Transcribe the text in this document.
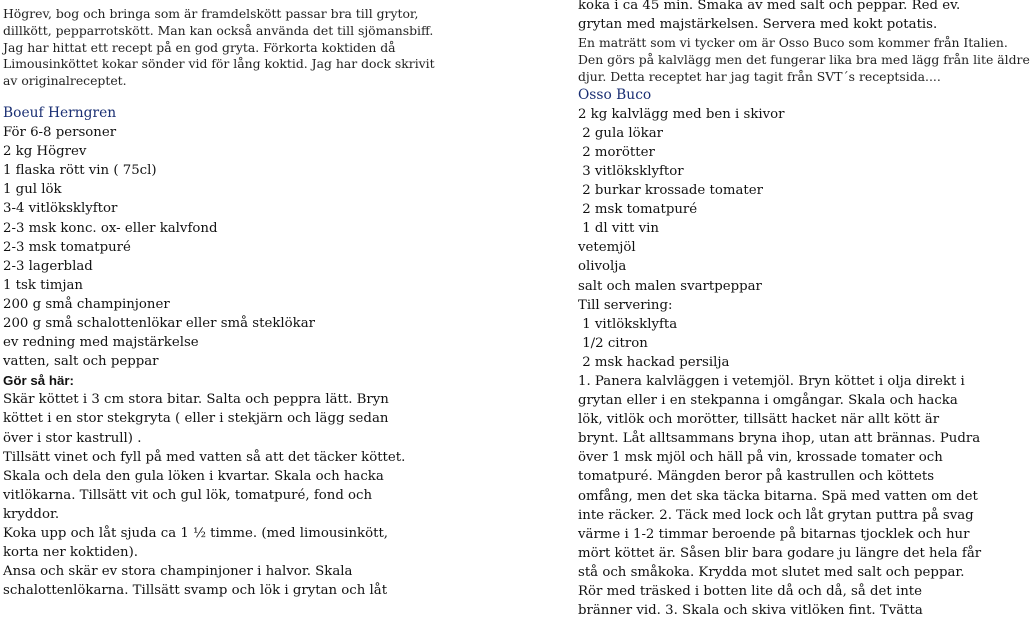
Högrev, bog och bringa som är framdelskött passar bra till grytor,
dillkött, pepparrotskött. Man kan också använda det till sjömansbiff.
Jag har hittat ett recept på en god gryta. Förkorta koktiden då
Limousinköttet kokar sönder vid för lång koktid. Jag har dock skrivit
av originalreceptet.
Boeuf Herngren
För 6-8 personer
2 kg Högrev
1 flaska rött vin ( 75cl)
1 gul lök
3-4 vitlöksklyftor
2-3 msk konc. ox- eller kalvfond
2-3 msk tomatpuré
2-3 lagerblad
1 tsk timjan
200 g små champinjoner
200 g små schalottenlökar eller små steklökar
ev redning med majstärkelse
vatten, salt och peppar
Gör så här:
Skär köttet i 3 cm stora bitar. Salta och peppra lätt. Bryn
köttet i en stor stekgryta ( eller i stekjärn och lägg sedan
över i stor kastrull) .
Tillsätt vinet och fyll på med vatten så att det täcker köttet.
Skala och dela den gula löken i kvartar. Skala och hacka
vitlökarna. Tillsätt vit och gul lök, tomatpuré, fond och
kryddor.
Koka upp och låt sjuda ca 1 ½ timme. (med limousinkött,
korta ner koktiden).
Ansa och skär ev stora champinjoner i halvor. Skala
schalottenlökarna. Tillsätt svamp och lök i grytan och låt
koka i ca 45 min. Smaka av med salt och peppar. Red ev.
grytan med majstärkelsen. Servera med kokt potatis.
En maträtt som vi tycker om är Osso Buco som kommer från Italien.
Den görs på kalvlägg men det fungerar lika bra med lägg från lite äldre
djur. Detta receptet har jag tagit från SVT´s receptsida....
Osso Buco
2 kg kalvlägg med ben i skivor
2 gula lökar
2 morötter
3 vitlöksklyftor
2 burkar krossade tomater
2 msk tomatpuré
1 dl vitt vin
vetemjöl
olivolja
salt och malen svartpeppar
Till servering:
1 vitlöksklyfta
1/2 citron
2 msk hackad persilja
1. Panera kalvläggen i vetemjöl. Bryn köttet i olja direkt i
grytan eller i en stekpanna i omgångar. Skala och hacka
lök, vitlök och morötter, tillsätt hacket när allt kött är
brynt. Låt alltsammans bryna ihop, utan att brännas. Pudra
över 1 msk mjöl och häll på vin, krossade tomater och
tomatpuré. Mängden beror på kastrullen och köttets
omfång, men det ska täcka bitarna. Spä med vatten om det
inte räcker. 2. Täck med lock och låt grytan puttra på svag
värme i 1-2 timmar beroende på bitarnas tjocklek och hur
mört köttet är. Såsen blir bara godare ju längre det hela får
stå och småkoka. Krydda mot slutet med salt och peppar.
Rör med träsked i botten lite då och då, så det inte
bränner vid. 3. Skala och skiva vitlöken fint. Tvätta
